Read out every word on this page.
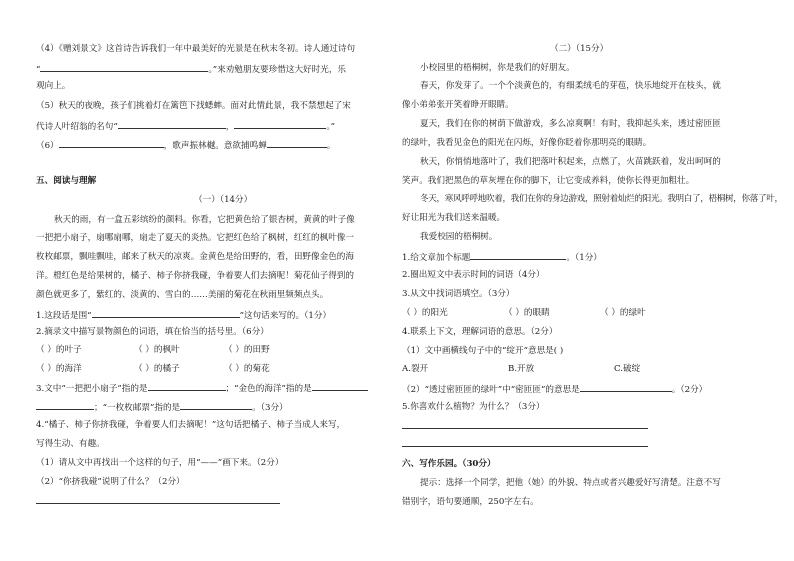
（4）《赠刘景文》这首诗告诉我们一年中最美好的光景是在秋末冬初。诗人通过诗句
“	。”来劝勉朋友要珍惜这大好时光，乐
观向上。
（5）秋天的夜晚，孩子们挑着灯在篱笆下找蟋蟀。面对此情此景，我不禁想起了宋
代诗人叶绍翁的名句“	，	。”
（6）	，歌声振林樾。意欲捕鸣蝉	。
五、阅读与理解
（一）（14分）
秋天的雨，有一盒五彩缤纷的颜料。你看，它把黄色给了银杏树，黄黄的叶子像
一把把小扇子，扇哪扇哪，扇走了夏天的炎热。它把红色给了枫树，红红的枫叶像一
枚枚邮票，飘哇飘哇，邮来了秋天的凉爽。金黄色是给田野的，看，田野像金色的海
洋。橙红色是给果树的，橘子、柿子你挤我碰，争着要人们去摘呢！菊花仙子得到的
颜色就更多了，紫红的、淡黄的、雪白的……美丽的菊花在秋雨里频频点头。
1.这段话是围“	”这句话来写的。（1分）
2.摘录文中描写景物颜色的词语，填在恰当的括号里。（6分）
（ ）的叶子	（ ）的枫叶	（ ）的田野
（ ）的海洋	（ ）的橘子	（ ）的菊花
3.文中“一把把小扇子”指的是	；“金色的海洋”指的是
；“一枚枚邮票”指的是	。（3分）
4.“橘子、柿子你挤我碰，争着要人们去摘呢！”这句话把橘子、柿子当成人来写，
写得生动、有趣。
（1）请从文中再找出一个这样的句子，用“——”画下来。（2分）
（2）“你挤我碰”说明了什么？（2分）
（二）（15分）
小校园里的梧桐树，你是我们的好朋友。
春天，你发芽了。一个个淡黄色的，有细柔绒毛的芽苞，快乐地绽开在枝头，就
像小弟弟张开笑着睁开眼睛。
夏天，我们在你的树荫下做游戏，多么凉爽啊！有时，我抑起头来，透过密匝匝
的绿叶，我看见金色的阳光在闪烁，好像你眨着你那明亮的眼睛。
秋天，你悄悄地落叶了，我们把落叶积起来，点燃了，火苗跳跃着，发出呵呵的
笑声。我们把黑色的草灰埋在你的脚下，让它变成养料，使你长得更加粗壮。
冬天，寒风呼呼地吹着，我们在你的身边游戏，照射着灿烂的阳光。我明白了，梧桐树，你落了叶，
好让阳光为我们送来温暖。
我爱校园的梧桐树。
1.给文章加个标题	。（1分）
2.圈出短文中表示时间的词语（4分）
3.从文中找词语填空。（3分）
（ ）的阳光	（ ）的眼睛	（ ）的绿叶
4.联系上下文，理解词语的意思。（2分）
（1）文中画横线句子中的“绽开”意思是( )
A.裂开	B.开放	C.破绽
（2）“透过密匝匝的绿叶”中“密匝匝”的意思是	。（2分）
5.你喜欢什么植物？为什么？（3分）
六、写作乐园。（30分）
提示：选择一个同学，把他（她）的外貌、特点或者兴趣爱好写清楚。注意不写
错别字，语句要通顺，250字左右。
